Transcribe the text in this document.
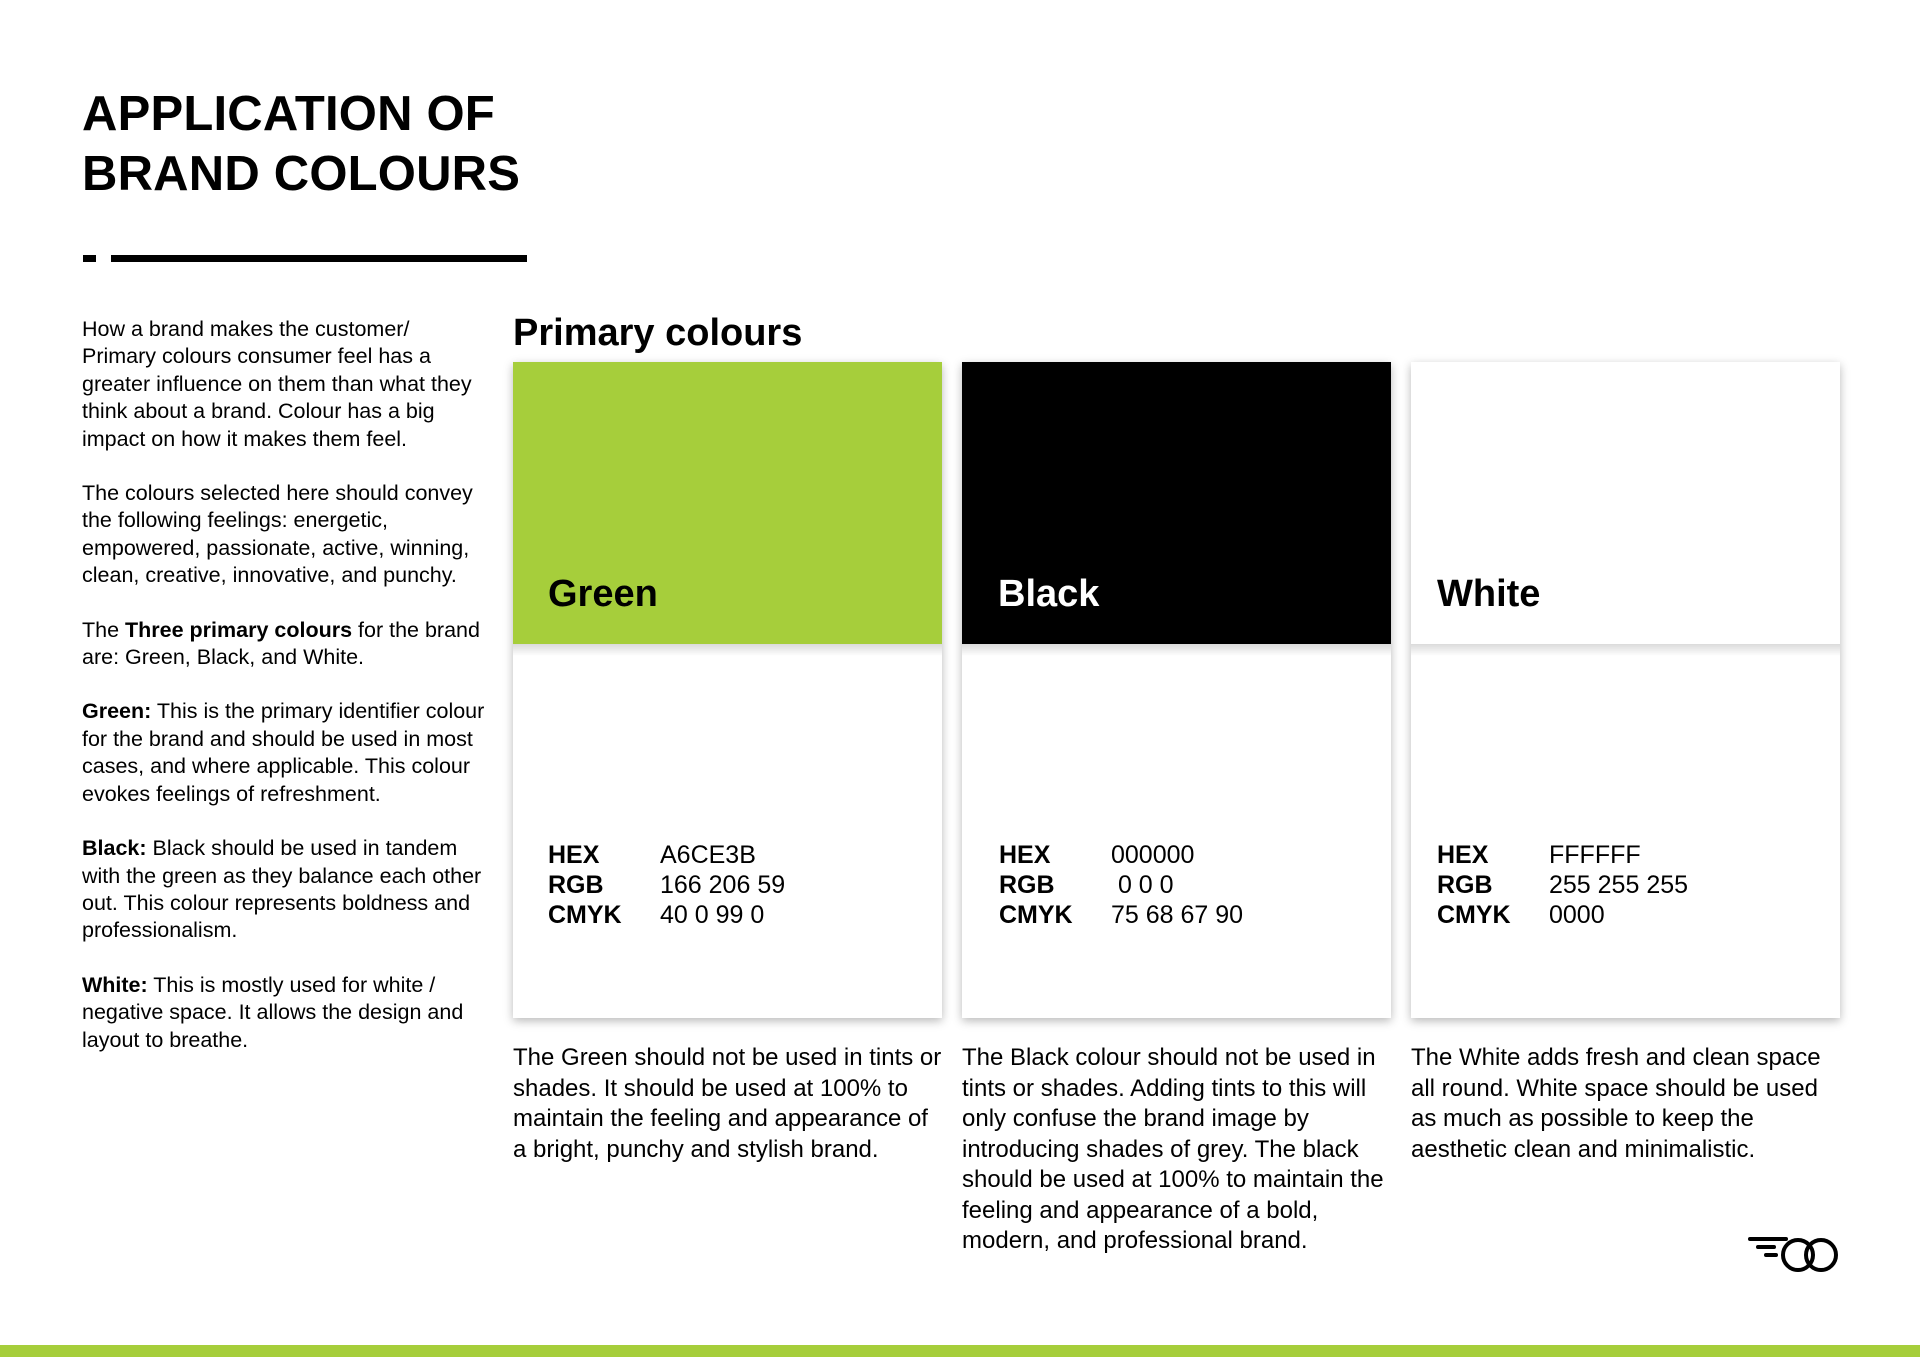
APPLICATION OF
BRAND COLOURS

How a brand makes the customer/ Primary colours consumer feel has a greater influence on them than what they think about a brand. Colour has a big impact on how it makes them feel.

The colours selected here should convey the following feelings: energetic, empowered, passionate, active, winning, clean, creative, innovative, and punchy.

The Three primary colours for the brand are: Green, Black, and White.

Green: This is the primary identifier colour for the brand and should be used in most cases, and where applicable. This colour evokes feelings of refreshment.

Black: Black should be used in tandem with the green as they balance each other out. This colour represents boldness and professionalism.

White: This is mostly used for white / negative space. It allows the design and layout to breathe.

Primary colours
Green
HEX	A6CE3B
RGB	166 206 59
CMYK	40 0 99 0
The Green should not be used in tints or shades. It should be used at 100% to maintain the feeling and appearance of a bright, punchy and stylish brand.
Black
HEX	000000
RGB	0 0 0
CMYK	75 68 67 90
The Black colour should not be used in tints or shades. Adding tints to this will only confuse the brand image by introducing shades of grey. The black should be used at 100% to maintain the feeling and appearance of a bold, modern, and professional brand.
White
HEX	FFFFFF
RGB	255 255 255
CMYK	0000
The White adds fresh and clean space all round. White space should be used as much as possible to keep the aesthetic clean and minimalistic.
